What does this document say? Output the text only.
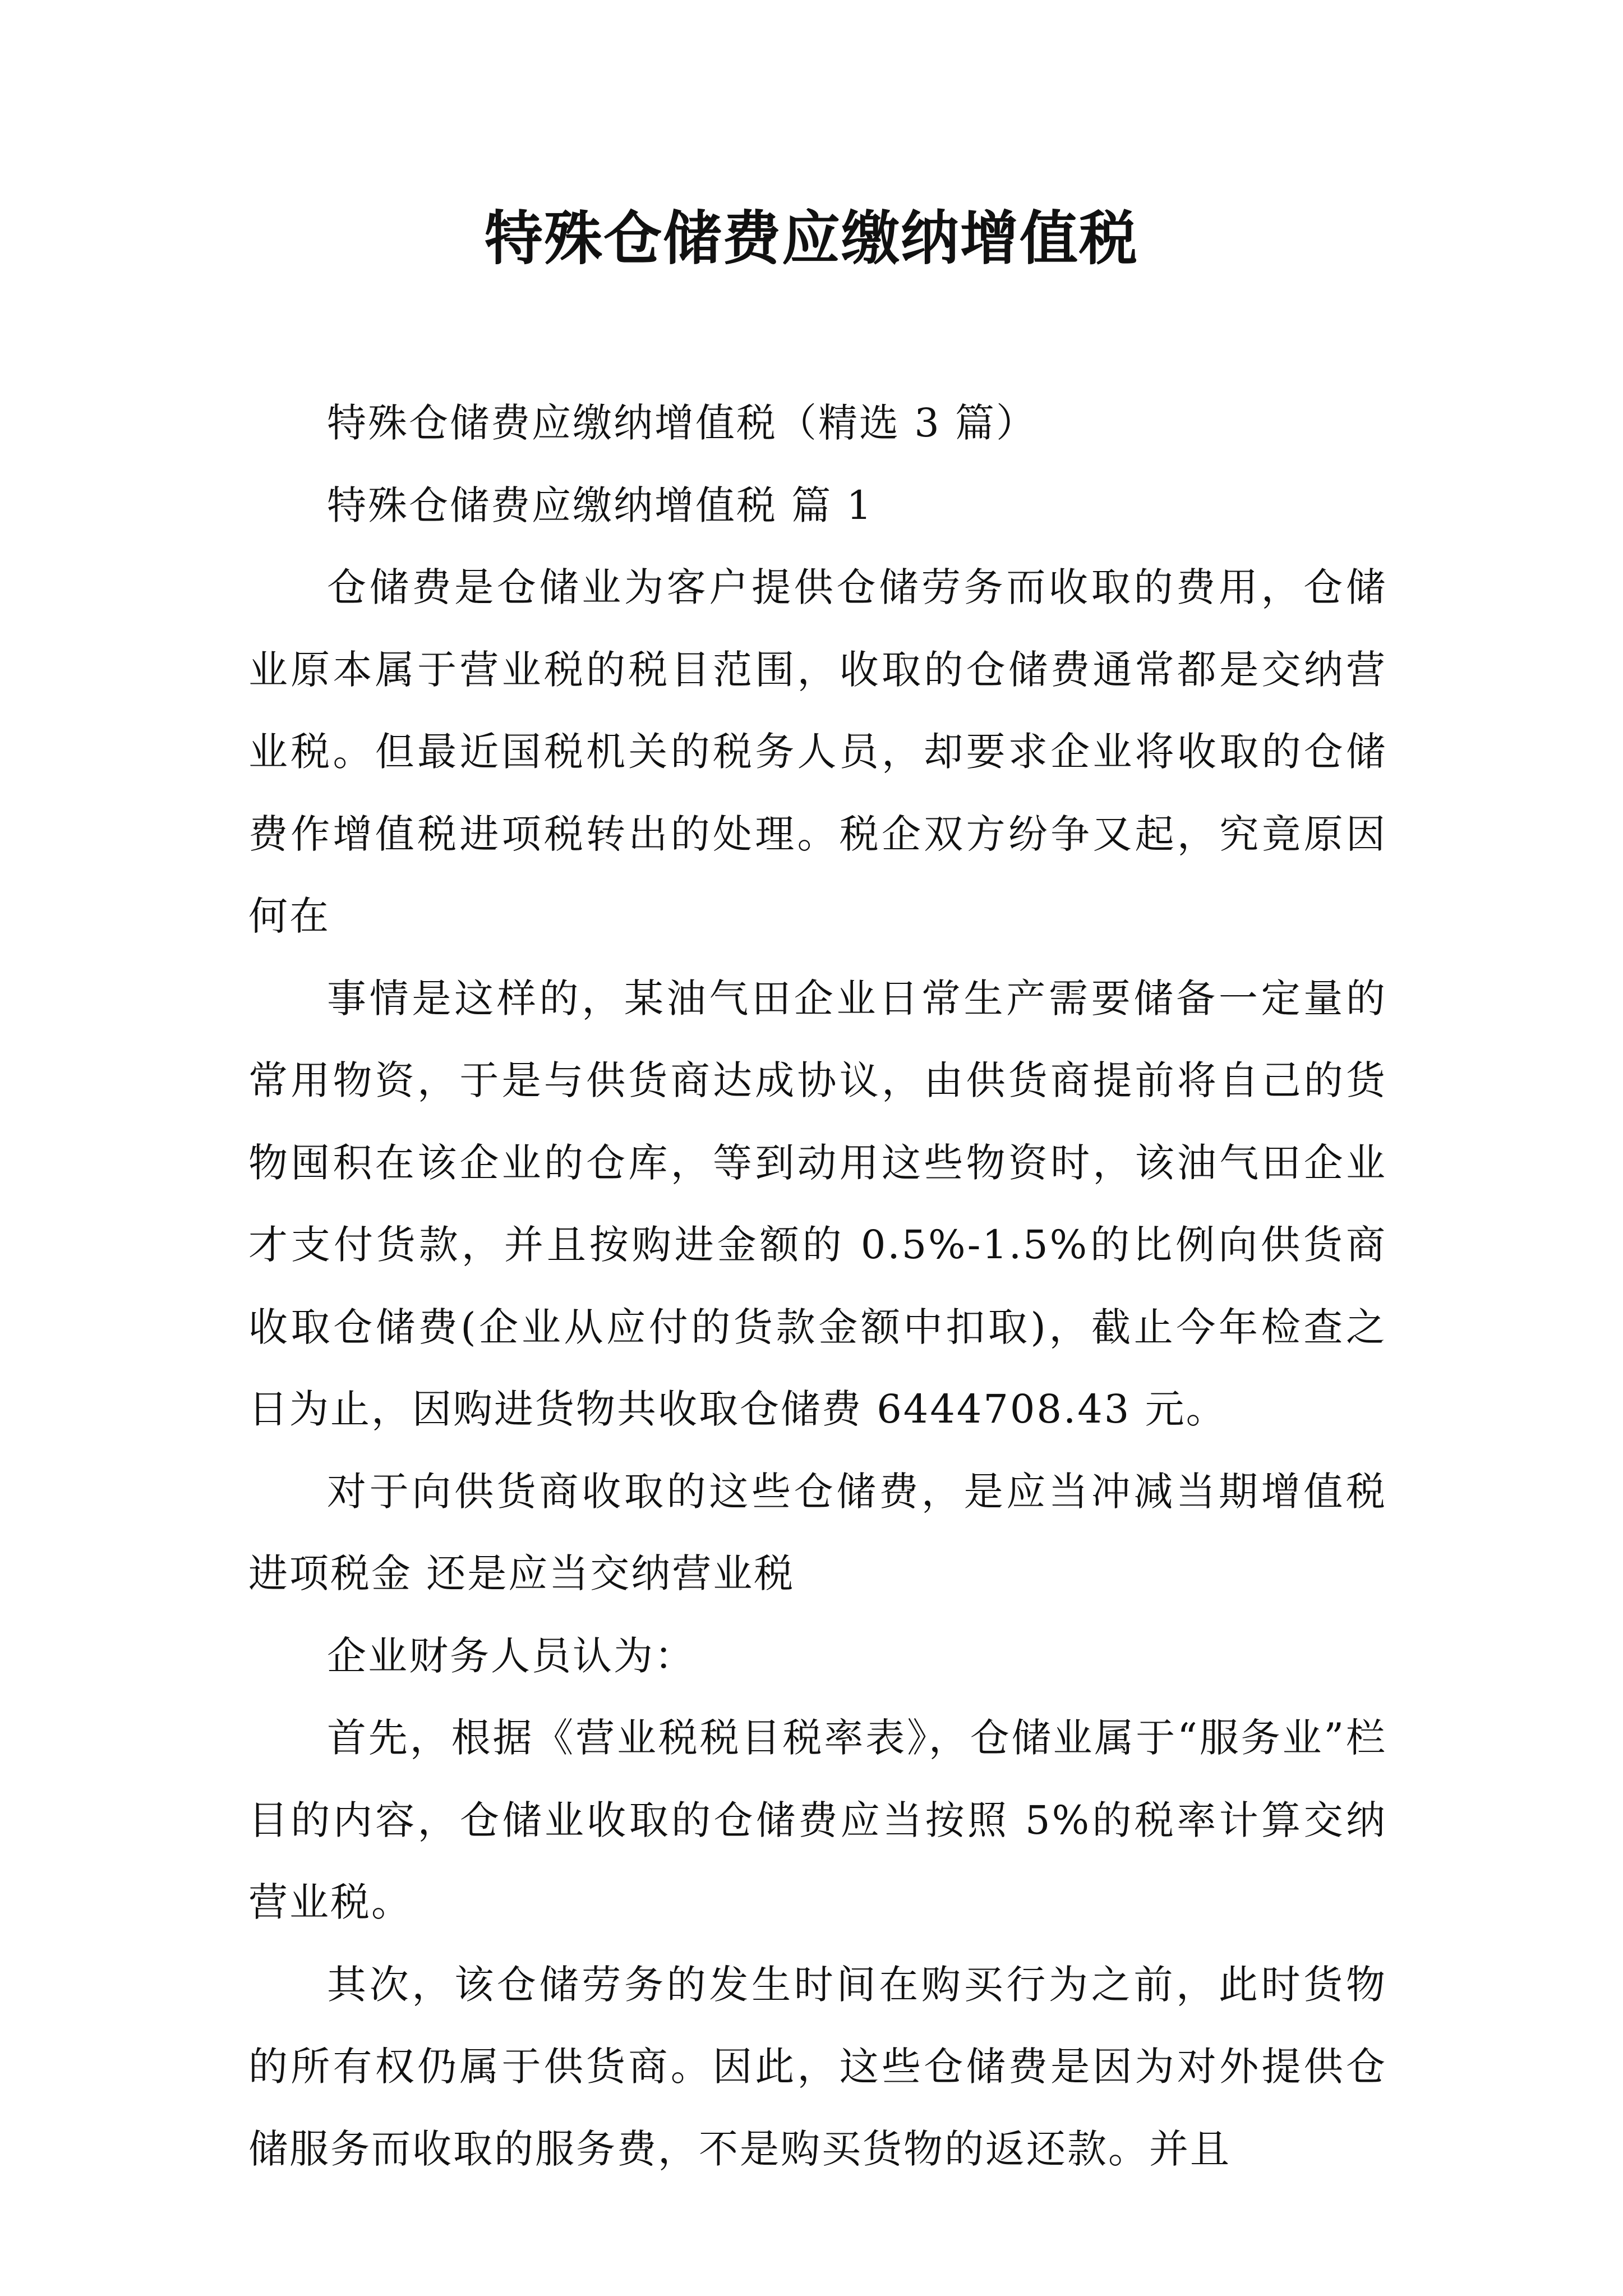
特殊仓储费应缴纳增值税

特殊仓储费应缴纳增值税（精选 3 篇）

特殊仓储费应缴纳增值税 篇 1

仓储费是仓储业为客户提供仓储劳务而收取的费用，仓储业原本属于营业税的税目范围，收取的仓储费通常都是交纳营业税。但最近国税机关的税务人员，却要求企业将收取的仓储费作增值税进项税转出的处理。税企双方纷争又起，究竟原因何在

事情是这样的，某油气田企业日常生产需要储备一定量的常用物资，于是与供货商达成协议，由供货商提前将自己的货物囤积在该企业的仓库，等到动用这些物资时，该油气田企业才支付货款，并且按购进金额的 0.5%-1.5%的比例向供货商收取仓储费(企业从应付的货款金额中扣取)，截止今年检查之日为止，因购进货物共收取仓储费 6444708.43 元。

对于向供货商收取的这些仓储费，是应当冲减当期增值税进项税金 还是应当交纳营业税

企业财务人员认为：

首先，根据《营业税税目税率表》，仓储业属于“服务业”栏目的内容，仓储业收取的仓储费应当按照 5%的税率计算交纳营业税。

其次，该仓储劳务的发生时间在购买行为之前，此时货物的所有权仍属于供货商。因此，这些仓储费是因为对外提供仓储服务而收取的服务费，不是购买货物的返还款。并且
